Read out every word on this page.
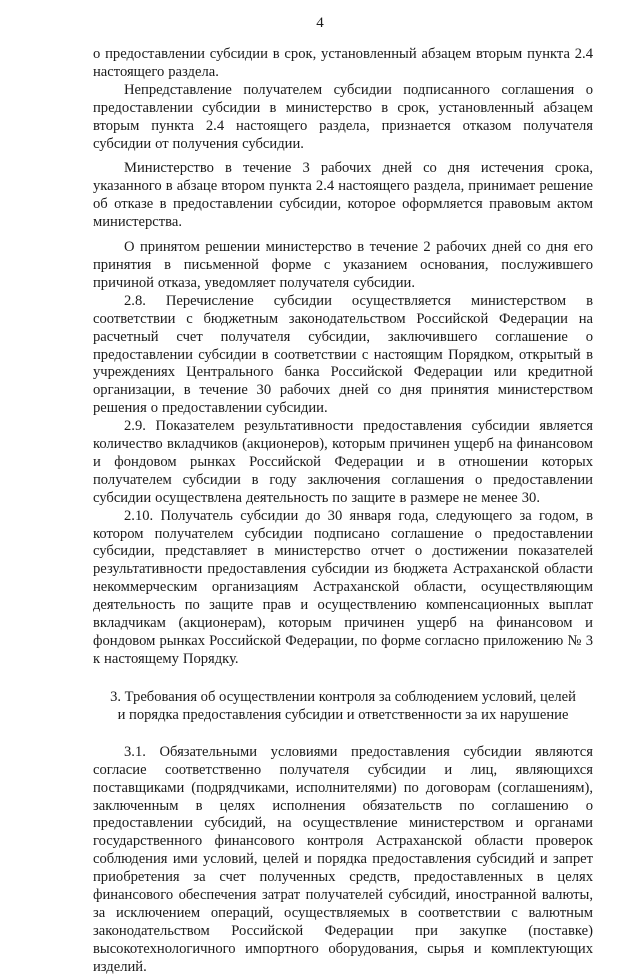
4

о предоставлении субсидии в срок, установленный абзацем вторым пункта 2.4 настоящего раздела.

Непредставление получателем субсидии подписанного соглашения о предоставлении субсидии в министерство в срок, установленный абзацем вторым пункта 2.4 настоящего раздела, признается отказом получателя субсидии от получения субсидии.

Министерство в течение 3 рабочих дней со дня истечения срока, указанного в абзаце втором пункта 2.4 настоящего раздела, принимает решение об отказе в предоставлении субсидии, которое оформляется правовым актом министерства.

О принятом решении министерство в течение 2 рабочих дней со дня его принятия в письменной форме с указанием основания, послужившего причиной отказа, уведомляет получателя субсидии.

2.8. Перечисление субсидии осуществляется министерством в соответствии с бюджетным законодательством Российской Федерации на расчетный счет получателя субсидии, заключившего соглашение о предоставлении субсидии в соответствии с настоящим Порядком, открытый в учреждениях Центрального банка Российской Федерации или кредитной организации, в течение 30 рабочих дней со дня принятия министерством решения о предоставлении субсидии.

2.9. Показателем результативности предоставления субсидии является количество вкладчиков (акционеров), которым причинен ущерб на финансовом и фондовом рынках Российской Федерации и в отношении которых получателем субсидии в году заключения соглашения о предоставлении субсидии осуществлена деятельность по защите в размере не менее 30.

2.10. Получатель субсидии до 30 января года, следующего за годом, в котором получателем субсидии подписано соглашение о предоставлении субсидии, представляет в министерство отчет о достижении показателей результативности предоставления субсидии из бюджета Астраханской области некоммерческим организациям Астраханской области, осуществляющим деятельность по защите прав и осуществлению компенсационных выплат вкладчикам (акционерам), которым причинен ущерб на финансовом и фондовом рынках Российской Федерации, по форме согласно приложению № 3 к настоящему Порядку.

3. Требования об осуществлении контроля за соблюдением условий, целей
и порядка предоставления субсидии и ответственности за их нарушение

3.1. Обязательными условиями предоставления субсидии являются согласие соответственно получателя субсидии и лиц, являющихся поставщиками (подрядчиками, исполнителями) по договорам (соглашениям), заключенным в целях исполнения обязательств по соглашению о предоставлении субсидий, на осуществление министерством и органами государственного финансового контроля Астраханской области проверок соблюдения ими условий, целей и порядка предоставления субсидий и запрет приобретения за счет полученных средств, предоставленных в целях финансового обеспечения затрат получателей субсидий, иностранной валюты, за исключением операций, осуществляемых в соответствии с валютным законодательством Российской Федерации при закупке (поставке) высокотехнологичного импортного оборудования, сырья и комплектующих изделий.
